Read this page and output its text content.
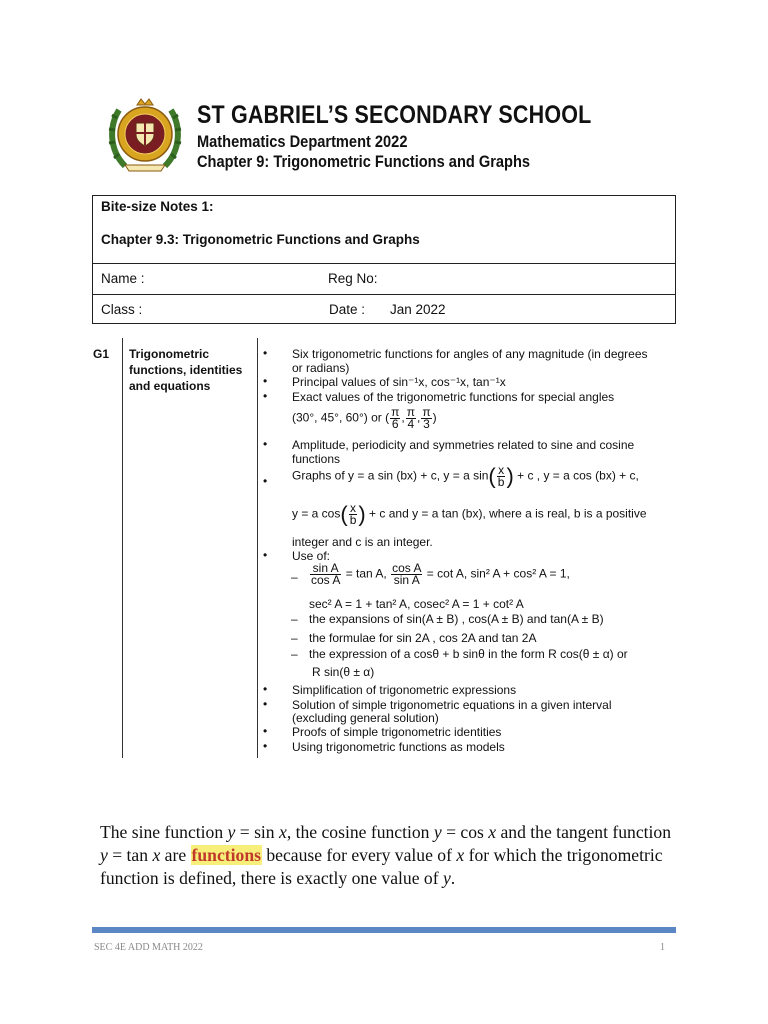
ST GABRIEL’S SECONDARY SCHOOL
Mathematics Department 2022
Chapter 9: Trigonometric Functions and Graphs
Bite-size Notes 1:
Chapter 9.3: Trigonometric Functions and Graphs
Name :	Reg No:
Class :	Date : Jan 2022
G1 Trigonometric functions, identities and equations
• Six trigonometric functions for angles of any magnitude (in degrees
or radians)
• Principal values of sin⁻¹x, cos⁻¹x, tan⁻¹x
• Exact values of the trigonometric functions for special angles
(30°, 45°, 60°) or ( $\frac{\pi}{6}$ , $\frac{\pi}{4}$ , $\frac{\pi}{3}$ )
• Amplitude, periodicity and symmetries related to sine and cosine
functions
• Graphs of y = a sin (bx) + c, y = a $\sin( \frac{x}{b}$ ) + c , y = a cos (bx) + c,
y = a $\cos( \frac{x}{b}$ ) + c and y = a tan (bx), where a is real, b is a positive
integer and c is an integer.
• Use of:
– $\frac{\text{sin A}}{\text{cos A}} = \tan A$, $\frac{\text{cos A}}{\text{sin A}} = \cot A$, sin² A + cos² A = 1,
sec² A = 1 + tan² A, cosec² A = 1 + cot² A
– the expansions of sin(A ± B) , cos(A ± B) and tan(A ± B)
– the formulae for sin 2A , cos 2A and tan 2A
– the expression of a cosθ + b sinθ in the form R cos(θ ± α) or
R sin(θ ± α)
• Simplification of trigonometric expressions
• Solution of simple trigonometric equations in a given interval
(excluding general solution)
• Proofs of simple trigonometric identities
• Using trigonometric functions as models
The sine function y = sin x, the cosine function y = cos x and the tangent function y = tan x are functions because for every value of x for which the trigonometric function is defined, there is exactly one value of y.
SEC 4E ADD MATH 2022	1
